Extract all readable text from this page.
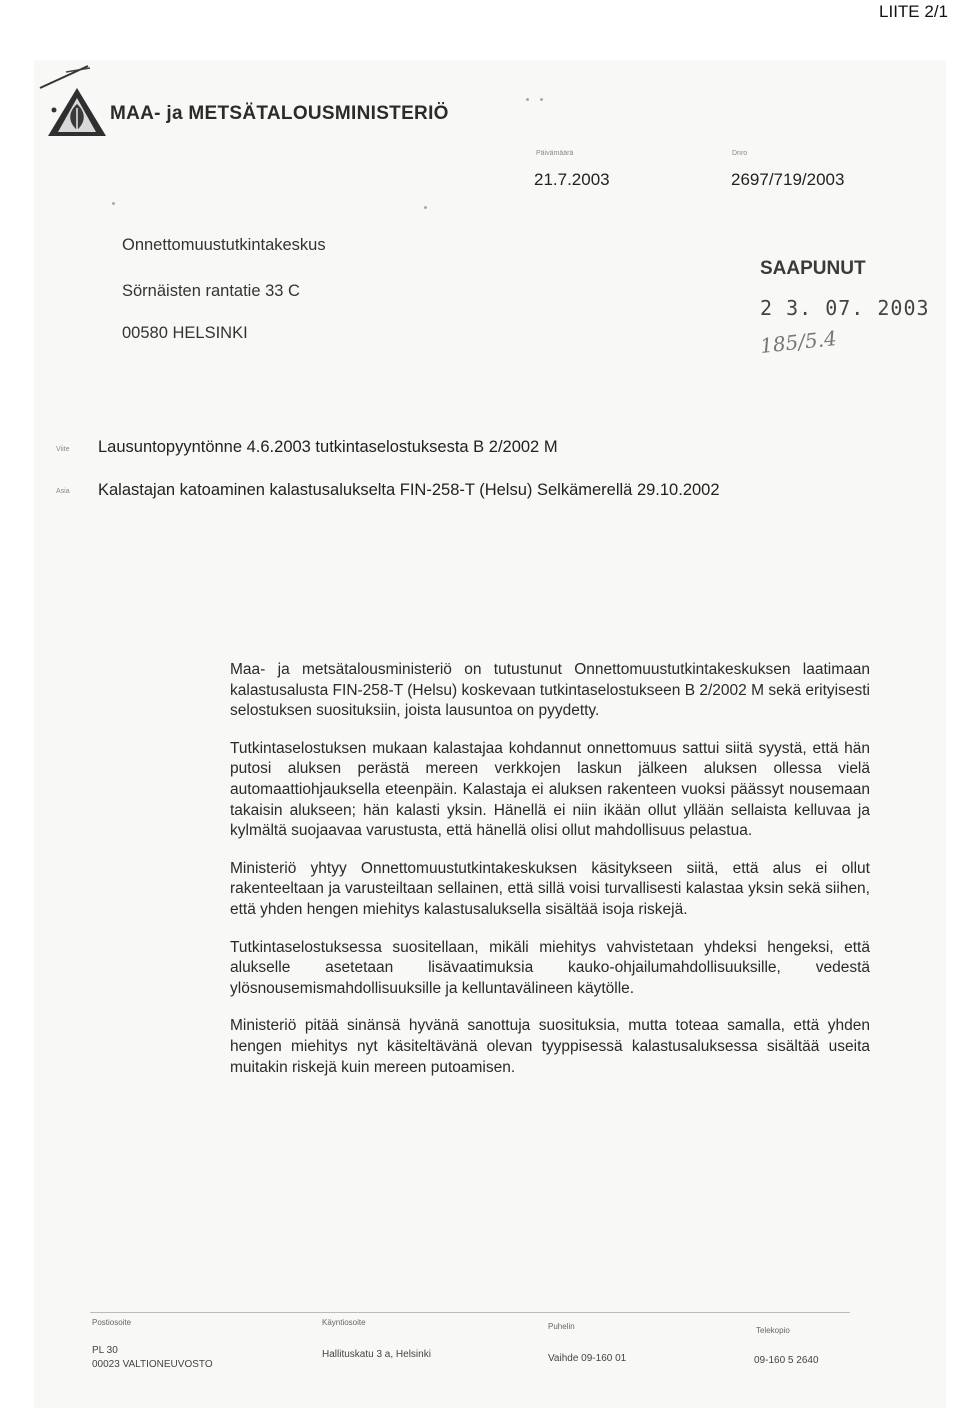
LIITE 2/1
MAA- ja METSÄTALOUSMINISTERIÖ
Päivämäärä
21.7.2003
Dnro
2697/719/2003
Onnettomuustutkintakeskus
Sörnäisten rantatie 33 C
00580 HELSINKI
SAAPUNUT
2 3. 07. 2003
185/5.4
Viite Lausuntopyyntönne 4.6.2003 tutkintaselostuksesta B 2/2002 M
Asia Kalastajan katoaminen kalastusalukselta FIN-258-T (Helsu) Selkämerellä 29.10.2002

Maa- ja metsätalousministeriö on tutustunut Onnettomuustutkintakeskuksen laatimaan kalastusalusta FIN-258-T (Helsu) koskevaan tutkintaselostukseen B 2/2002 M sekä erityisesti selostuksen suosituksiin, joista lausuntoa on pyydetty.

Tutkintaselostuksen mukaan kalastajaa kohdannut onnettomuus sattui siitä syystä, että hän putosi aluksen perästä mereen verkkojen laskun jälkeen aluksen ollessa vielä automaattiohjauksella eteenpäin. Kalastaja ei aluksen rakenteen vuoksi päässyt nousemaan takaisin alukseen; hän kalasti yksin. Hänellä ei niin ikään ollut yllään sellaista kelluvaa ja kylmältä suojaavaa varustusta, että hänellä olisi ollut mahdollisuus pelastua.

Ministeriö yhtyy Onnettomuustutkintakeskuksen käsitykseen siitä, että alus ei ollut rakenteeltaan ja varusteiltaan sellainen, että sillä voisi turvallisesti kalastaa yksin sekä siihen, että yhden hengen miehitys kalastusaluksella sisältää isoja riskejä.

Tutkintaselostuksessa suositellaan, mikäli miehitys vahvistetaan yhdeksi hengeksi, että alukselle asetetaan lisävaatimuksia kauko-ohjailumahdollisuuksille, vedestä ylösnousemismahdollisuuksille ja kelluntavälineen käytölle.

Ministeriö pitää sinänsä hyvänä sanottuja suosituksia, mutta toteaa samalla, että yhden hengen miehitys nyt käsiteltävänä olevan tyyppisessä kalastusaluksessa sisältää useita muitakin riskejä kuin mereen putoamisen.

Postiosoite
PL 30
00023 VALTIONEUVOSTO
Käyntiosoite
Hallituskatu 3 a, Helsinki
Puhelin
Vaihde 09-160 01
Telekopio
09-160 5 2640
